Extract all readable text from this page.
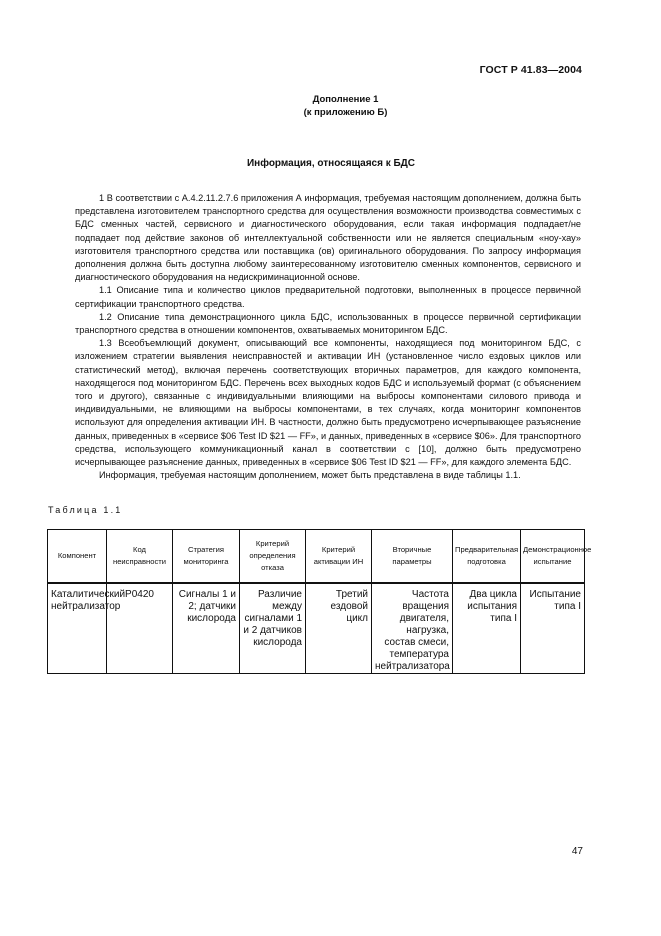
ГОСТ Р 41.83—2004
Дополнение 1
(к приложению Б)
Информация, относящаяся к БДС

1 В соответствии с А.4.2.11.2.7.6 приложения А информация, требуемая настоящим дополнением, должна быть представлена изготовителем транспортного средства для осуществления возможности производства совместимых с БДС сменных частей, сервисного и диагностического оборудования, если такая информация подпадает/не подпадает под действие законов об интеллектуальной собственности или не является специальным «ноу-хау» изготовителя транспортного средства или поставщика (ов) оригинального оборудования. По запросу информация дополнения должна быть доступна любому заинтересованному изготовителю сменных компонентов, сервисного и диагностического оборудования на недискриминационной основе.

1.1 Описание типа и количество циклов предварительной подготовки, выполненных в процессе первичной сертификации транспортного средства.

1.2 Описание типа демонстрационного цикла БДС, использованных в процессе первичной сертификации транспортного средства в отношении компонентов, охватываемых мониторингом БДС.

1.3 Всеобъемлющий документ, описывающий все компоненты, находящиеся под мониторингом БДС, с изложением стратегии выявления неисправностей и активации ИН (установленное число ездовых циклов или статистический метод), включая перечень соответствующих вторичных параметров, для каждого компонента, находящегося под мониторингом БДС. Перечень всех выходных кодов БДС и используемый формат (с объяснением того и другого), связанные с индивидуальными влияющими на выбросы компонентами силового привода и индивидуальными, не влияющими на выбросы компонентами, в тех случаях, когда мониторинг компонентов используют для определения активации ИН. В частности, должно быть предусмотрено исчерпывающее разъяснение данных, приведенных в «сервисе $06 Test ID $21 — FF», и данных, приведенных в «сервисе $06». Для транспортного средства, использующего коммуникационный канал в соответствии с [10], должно быть предусмотрено исчерпывающее разъяснение данных, приведенных в «сервисе $06 Test ID $21 — FF», для каждого элемента БДС.

Информация, требуемая настоящим дополнением, может быть представлена в виде таблицы 1.1.

Таблица 1.1
Компонент	Код неисправности	Стратегия мониторинга	Критерий определения отказа	Критерий активации ИН	Вторичные параметры	Предварительная подготовка	Демонстрационное испытание
Каталитический нейтрализатор	P0420	Сигналы 1 и 2; датчики кислорода	Различие между сигналами 1 и 2 датчиков кислорода	Третий ездовой цикл	Частота вращения двигателя, нагрузка, состав смеси, температура нейтрализатора	Два цикла испытания типа I	Испытание типа I
47
